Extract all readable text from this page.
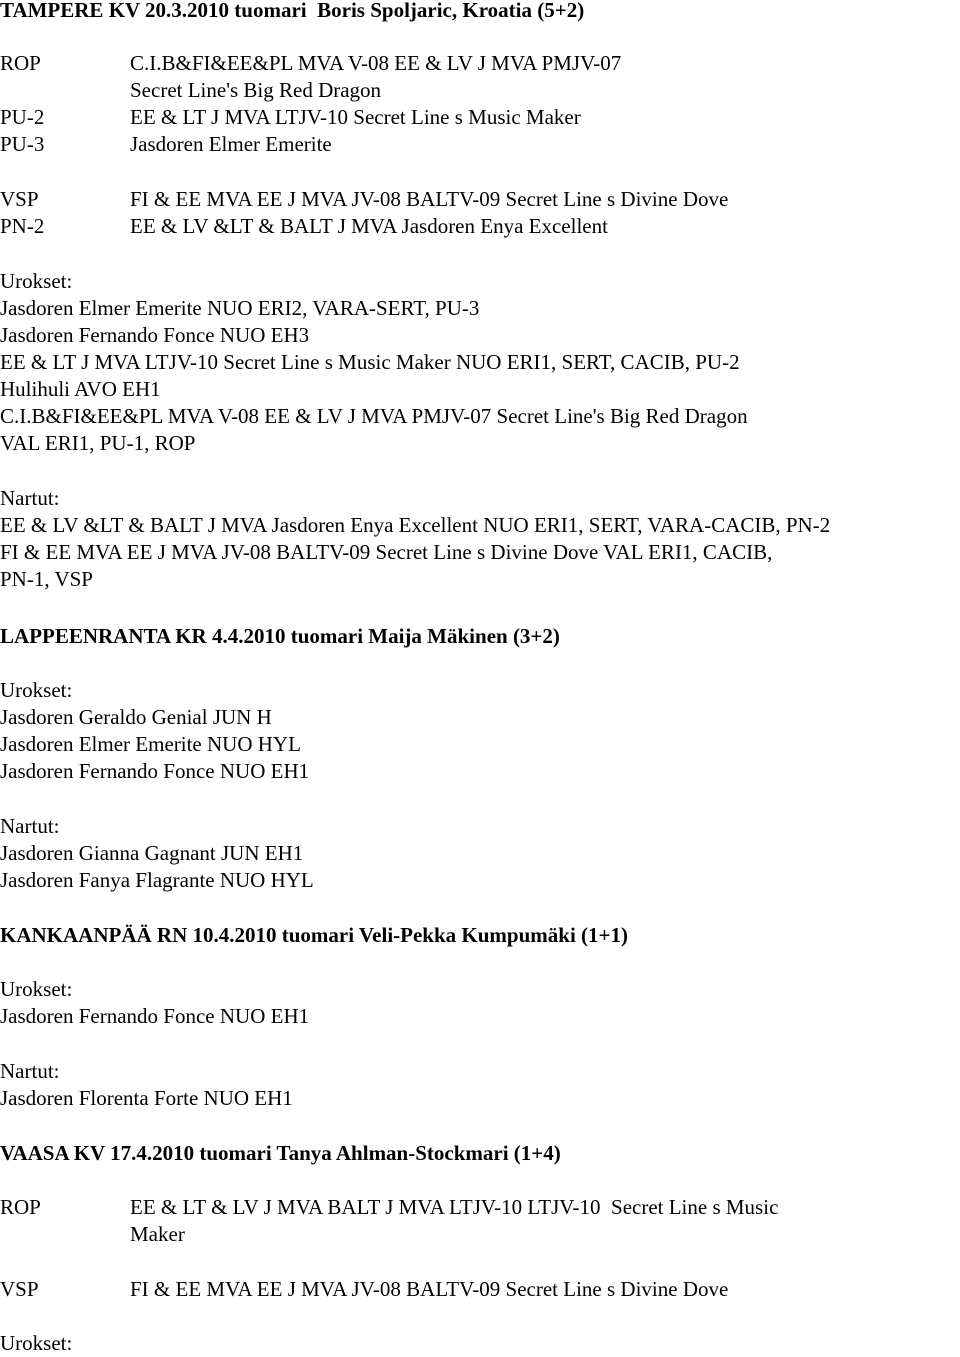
TAMPERE KV 20.3.2010 tuomari  Boris Spoljaric, Kroatia (5+2)
ROP	C.I.B&FI&EE&PL MVA V-08 EE & LV J MVA PMJV-07
Secret Line's Big Red Dragon
PU-2	EE & LT J MVA LTJV-10 Secret Line s Music Maker
PU-3	Jasdoren Elmer Emerite
VSP	FI & EE MVA EE J MVA JV-08 BALTV-09 Secret Line s Divine Dove
PN-2	EE & LV &LT & BALT J MVA Jasdoren Enya Excellent
Urokset:
Jasdoren Elmer Emerite NUO ERI2, VARA-SERT, PU-3
Jasdoren Fernando Fonce NUO EH3
EE & LT J MVA LTJV-10 Secret Line s Music Maker NUO ERI1, SERT, CACIB, PU-2
Hulihuli AVO EH1
C.I.B&FI&EE&PL MVA V-08 EE & LV J MVA PMJV-07 Secret Line's Big Red Dragon
VAL ERI1, PU-1, ROP
Nartut:
EE & LV &LT & BALT J MVA Jasdoren Enya Excellent NUO ERI1, SERT, VARA-CACIB, PN-2
FI & EE MVA EE J MVA JV-08 BALTV-09 Secret Line s Divine Dove VAL ERI1, CACIB,
PN-1, VSP
LAPPEENRANTA KR 4.4.2010 tuomari Maija Mäkinen (3+2)
Urokset:
Jasdoren Geraldo Genial JUN H
Jasdoren Elmer Emerite NUO HYL
Jasdoren Fernando Fonce NUO EH1
Nartut:
Jasdoren Gianna Gagnant JUN EH1
Jasdoren Fanya Flagrante NUO HYL
KANKAANPÄÄ RN 10.4.2010 tuomari Veli-Pekka Kumpumäki (1+1)
Urokset:
Jasdoren Fernando Fonce NUO EH1
Nartut:
Jasdoren Florenta Forte NUO EH1
VAASA KV 17.4.2010 tuomari Tanya Ahlman-Stockmari (1+4)
ROP	EE & LT & LV J MVA BALT J MVA LTJV-10 LTJV-10  Secret Line s Music
Maker
VSP	FI & EE MVA EE J MVA JV-08 BALTV-09 Secret Line s Divine Dove
Urokset:
